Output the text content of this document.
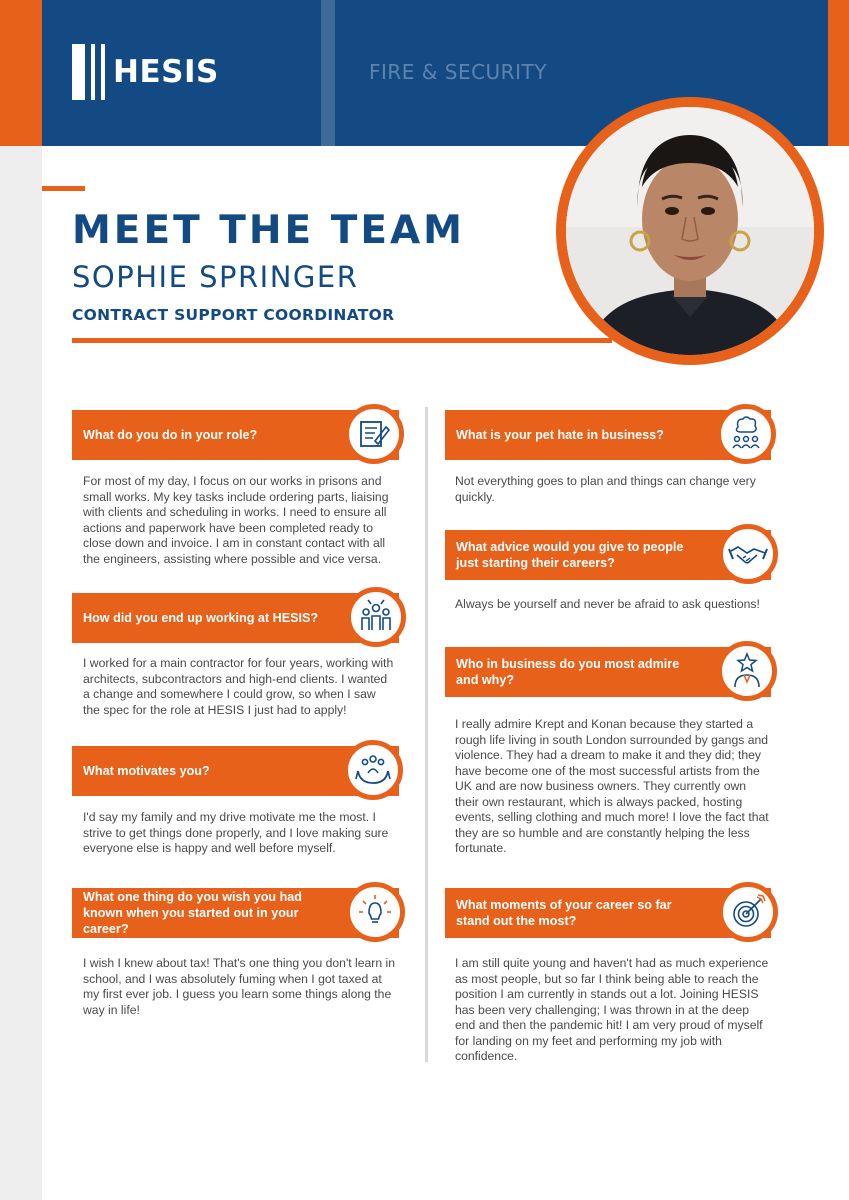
HESIS	FIRE & SECURITY
MEET THE TEAM
SOPHIE SPRINGER
CONTRACT SUPPORT COORDINATOR
What do you do in your role?

For most of my day, I focus on our works in prisons and small works. My key tasks include ordering parts, liaising with clients and scheduling in works. I need to ensure all actions and paperwork have been completed ready to close down and invoice. I am in constant contact with all the engineers, assisting where possible and vice versa.

How did you end up working at HESIS?

I worked for a main contractor for four years, working with architects, subcontractors and high-end clients. I wanted a change and somewhere I could grow, so when I saw the spec for the role at HESIS I just had to apply!

What motivates you?

I'd say my family and my drive motivate me the most. I strive to get things done properly, and I love making sure everyone else is happy and well before myself.

What one thing do you wish you had known when you started out in your career?

I wish I knew about tax! That's one thing you don't learn in school, and I was absolutely fuming when I got taxed at my first ever job. I guess you learn some things along the way in life!

What is your pet hate in business?

Not everything goes to plan and things can change very quickly.

What advice would you give to people just starting their careers?

Always be yourself and never be afraid to ask questions!

Who in business do you most admire and why?

I really admire Krept and Konan because they started a rough life living in south London surrounded by gangs and violence. They had a dream to make it and they did; they have become one of the most successful artists from the UK and are now business owners. They currently own their own restaurant, which is always packed, hosting events, selling clothing and much more! I love the fact that they are so humble and are constantly helping the less fortunate.

What moments of your career so far stand out the most?

I am still quite young and haven't had as much experience as most people, but so far I think being able to reach the position I am currently in stands out a lot. Joining HESIS has been very challenging; I was thrown in at the deep end and then the pandemic hit! I am very proud of myself for landing on my feet and performing my job with confidence.
